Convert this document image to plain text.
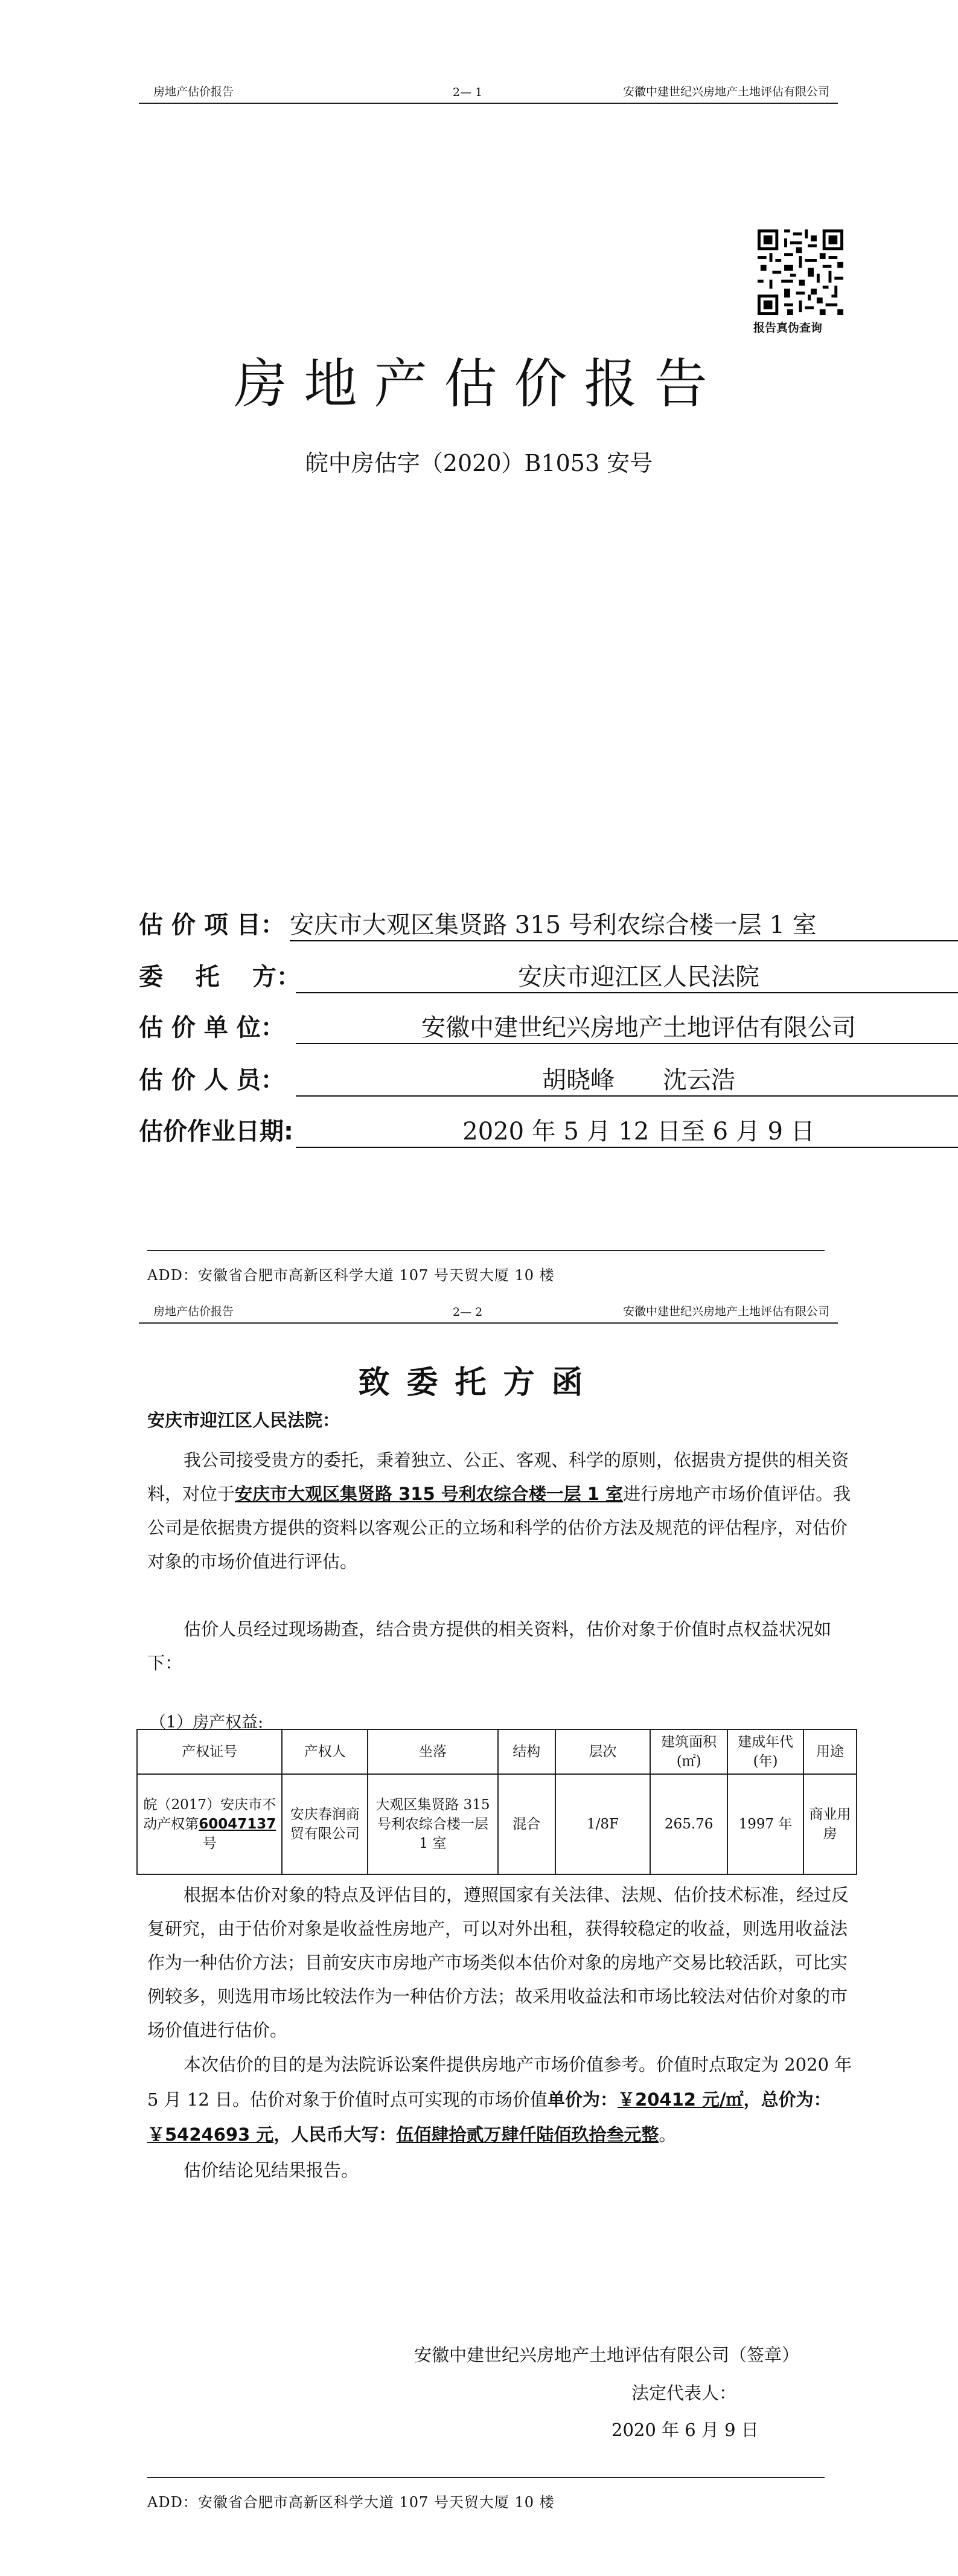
房地产估价报告	2— 1	安徽中建世纪兴房地产土地评估有限公司
报告真伪查询
房地产估价报告
皖中房估字（2020）B1053 安号
估 价 项 目： 安庆市大观区集贤路 315 号利农综合楼一层 1 室
委　 托　 方：	安庆市迎江区人民法院
估 价 单 位：	安徽中建世纪兴房地产土地评估有限公司
估 价 人 员：	胡晓峰　　沈云浩
估价作业日期:	2020 年 5 月 12 日至 6 月 9 日
ADD：安徽省合肥市高新区科学大道 107 号天贸大厦 10 楼
房地产估价报告	2— 2	安徽中建世纪兴房地产土地评估有限公司
致委托方函
安庆市迎江区人民法院：

我公司接受贵方的委托，秉着独立、公正、客观、科学的原则，依据贵方提供的相关资料，对位于安庆市大观区集贤路 315 号利农综合楼一层 1 室进行房地产市场价值评估。我公司是依据贵方提供的资料以客观公正的立场和科学的估价方法及规范的评估程序，对估价对象的市场价值进行评估。

估价人员经过现场勘查，结合贵方提供的相关资料，估价对象于价值时点权益状况如下：

（1）房产权益:
产权证号	产权人	坐落	结构	层次	建筑面积(㎡)	建成年代(年)	用途
皖（2017）安庆市不动产权第60047137号	安庆春润商贸有限公司	大观区集贤路 315 号利农综合楼一层 1 室	混合	1/8F	265.76	1997 年	商业用房

根据本估价对象的特点及评估目的，遵照国家有关法律、法规、估价技术标准，经过反复研究，由于估价对象是收益性房地产，可以对外出租，获得较稳定的收益，则选用收益法作为一种估价方法；目前安庆市房地产市场类似本估价对象的房地产交易比较活跃，可比实例较多，则选用市场比较法作为一种估价方法；故采用收益法和市场比较法对估价对象的市场价值进行估价。

本次估价的目的是为法院诉讼案件提供房地产市场价值参考。价值时点取定为 2020 年 5 月 12 日。估价对象于价值时点可实现的市场价值单价为：￥20412 元/㎡，总价为：￥5424693 元，人民币大写：伍佰肆拾贰万肆仟陆佰玖拾叁元整。

估价结论见结果报告。

安徽中建世纪兴房地产土地评估有限公司（签章）
法定代表人：
2020 年 6 月 9 日
ADD：安徽省合肥市高新区科学大道 107 号天贸大厦 10 楼
